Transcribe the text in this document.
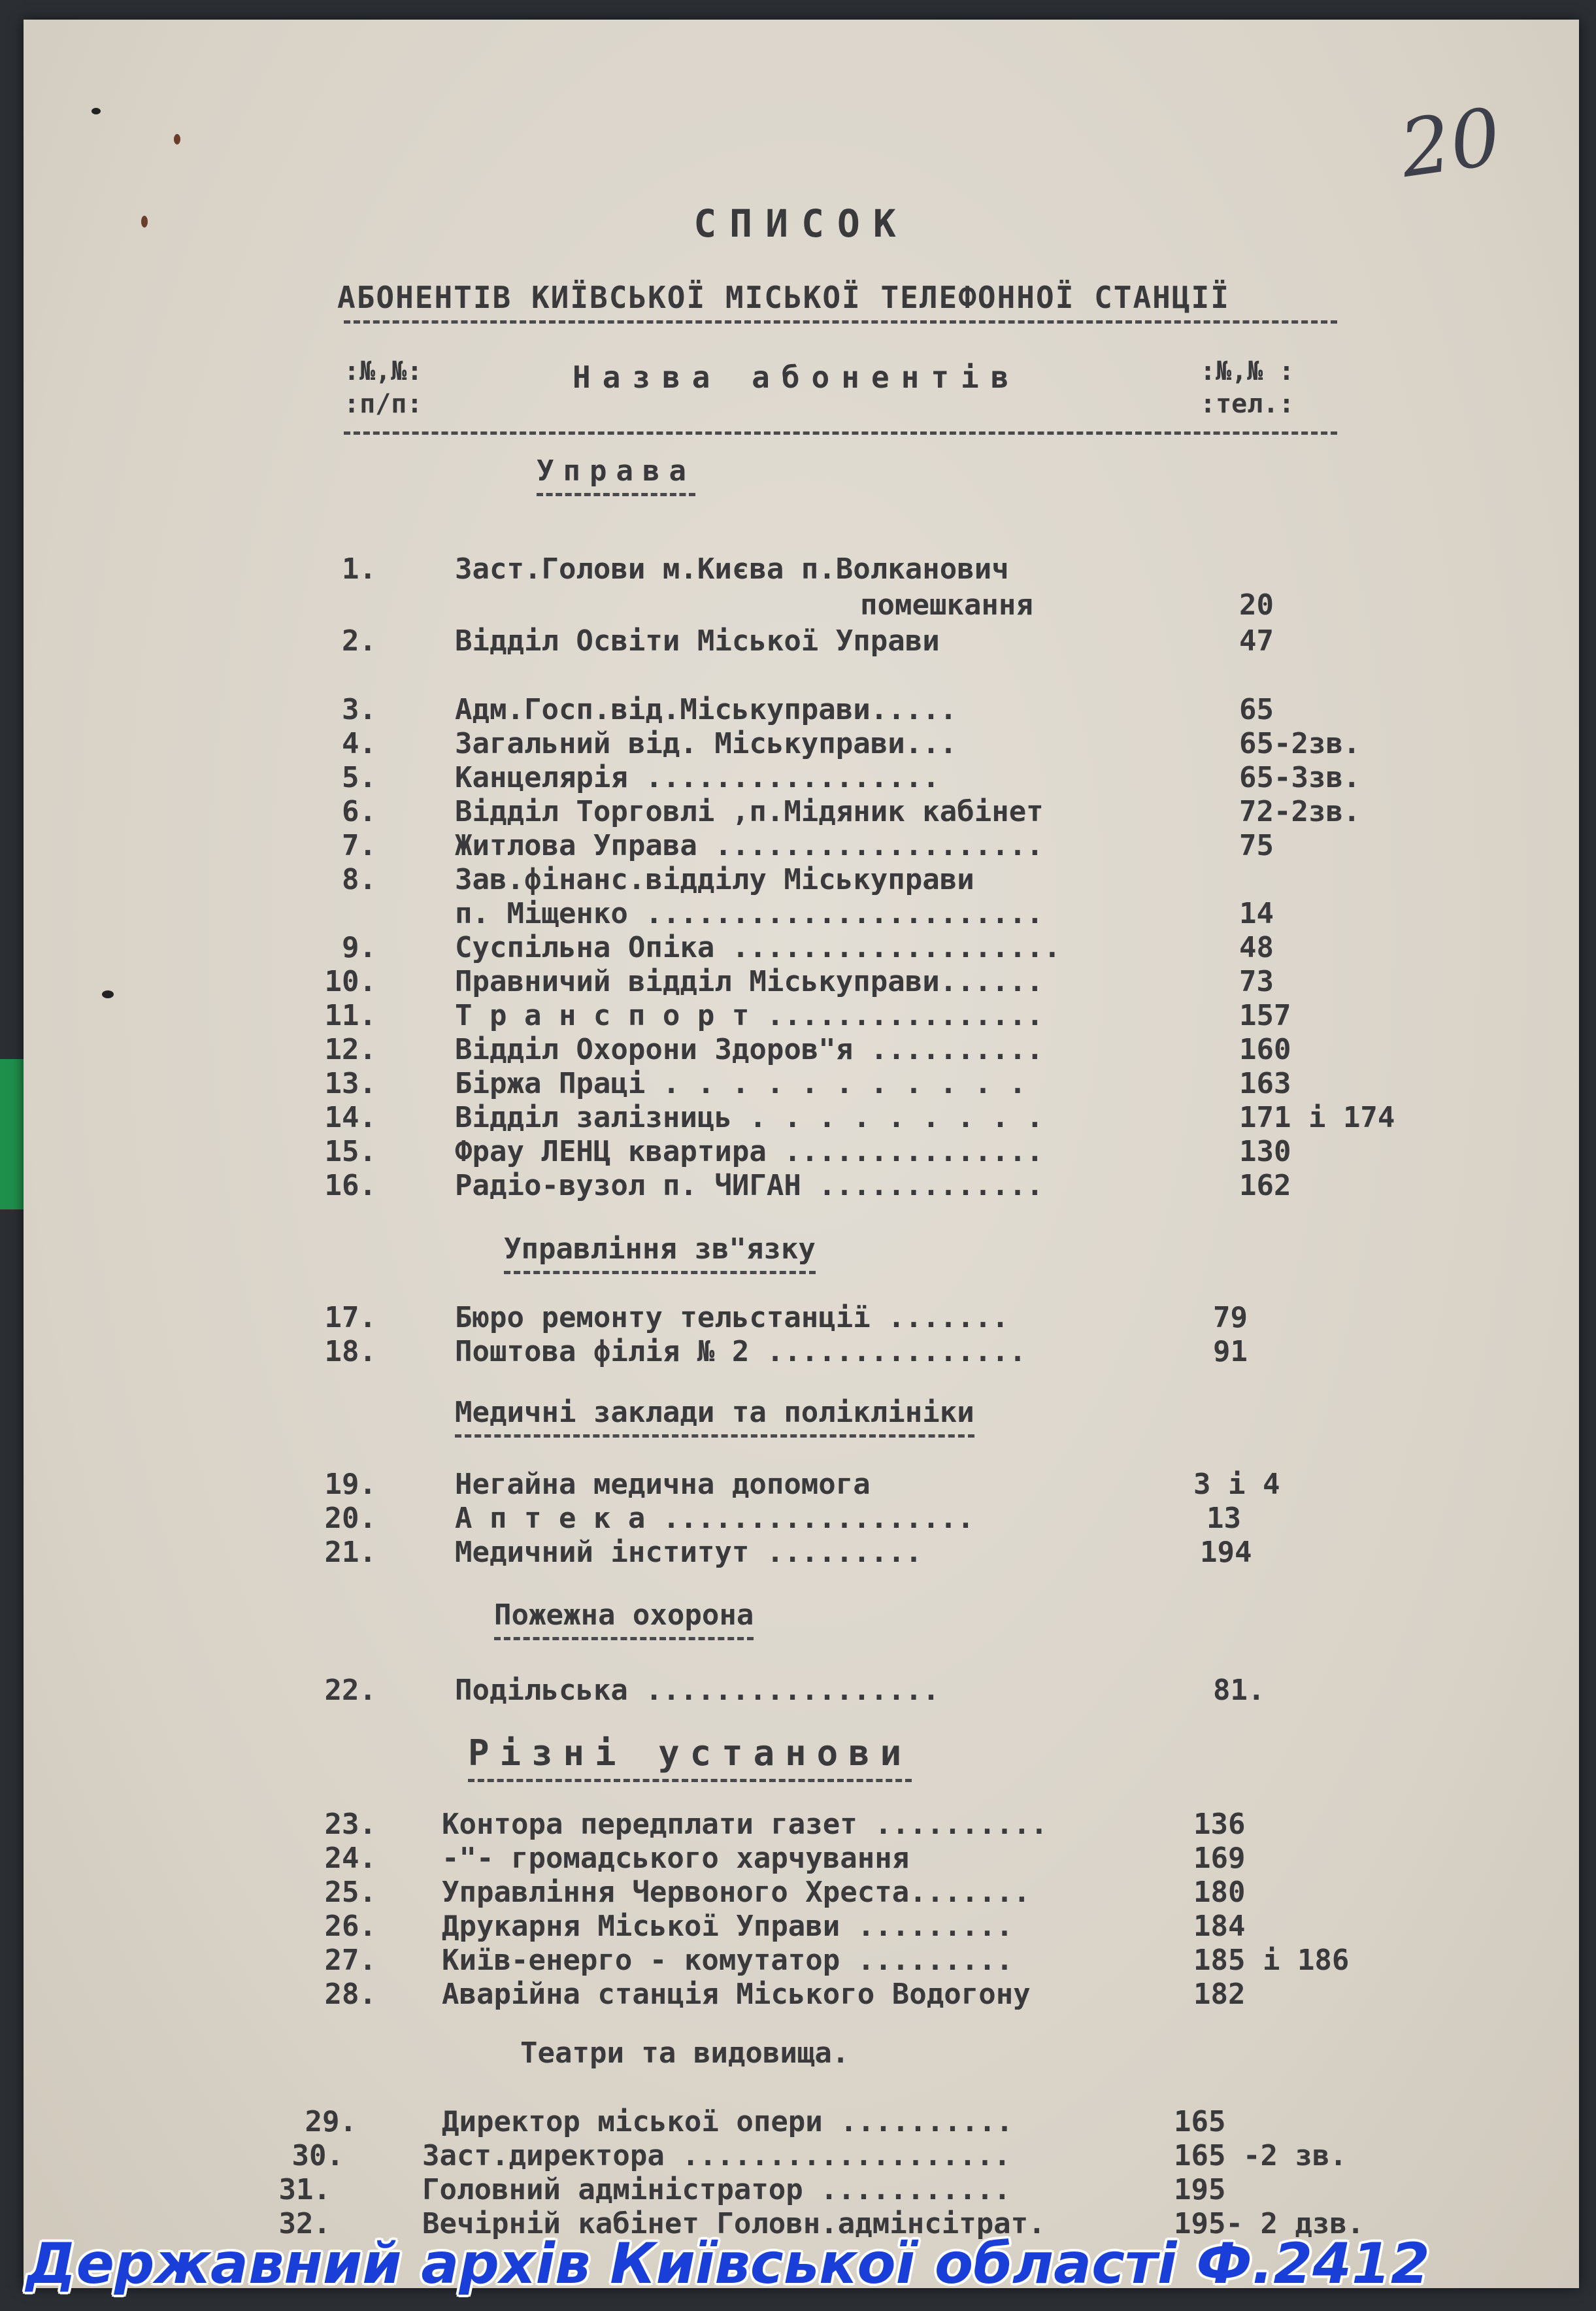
20
СПИСОК
АБОНЕНТІВ КИЇВСЬКОЇ МІСЬКОЇ ТЕЛЕФОННОЇ СТАНЦІЇ
:№,№:
:п/п:
Назва абонентів	:№,№ :
:тел.:
Управа
1.	Заст.Голови м.Києва п.Волканович
помешкання	20
2.	Відділ Освіти Міської Управи	47
3.	Адм.Госп.від.Міськуправи.....	65
4.	Загальний від. Міськуправи...	65-2зв.
5.	Канцелярія .................	65-3зв.
6.	Відділ Торговлі ,п.Мідяник кабінет	72-2зв.
7.	Житлова Управа ...................	75
8.	Зав.фінанс.відділу Міськуправи
п. Міщенко .......................	14
9.	Суспільна Опіка ...................	48
10.	Правничий відділ Міськуправи......	73
11.	Т р а н с п о р т ................	157
12.	Відділ Охорони Здоров"я ..........	160
13.	Біржа Праці . . . . . . . . . . .	163
14.	Відділ залізниць . . . . . . . . .	171 і 174
15.	Фрау ЛЕНЦ квартира ...............	130
16.	Радіо-вузол п. ЧИГАН .............	162
17.	Бюро ремонту тельстанції .......	79
18.	Поштова філія № 2 ...............	91
19.	Негайна медична допомога	3 і 4
20.	А п т е к а ..................	13
21.	Медичний інститут .........	194
22.	Подільська .................	81.
23. Контора передплати газет ..........	136
24. -"- громадського харчування	169
25. Управління Червоного Хреста.......	180
26. Друкарня Міської Управи .........	184
27. Київ-енерго - комутатор .........	185 і 186
28. Аварійна станція Міського Водогону	182
29.	Директор міської опери ..........	165
30.	Заст.директора ...................	165 -2 зв.
31.	Головний адміністратор ...........	195
32.	Вечірній кабінет Головн.адмінсітрат.	195- 2 дзв.
Управління зв"язку
Медичні заклади та поліклініки
Пожежна охорона
Різні установи
Театри та видовища.
Державний архів Київської області Ф.2412
